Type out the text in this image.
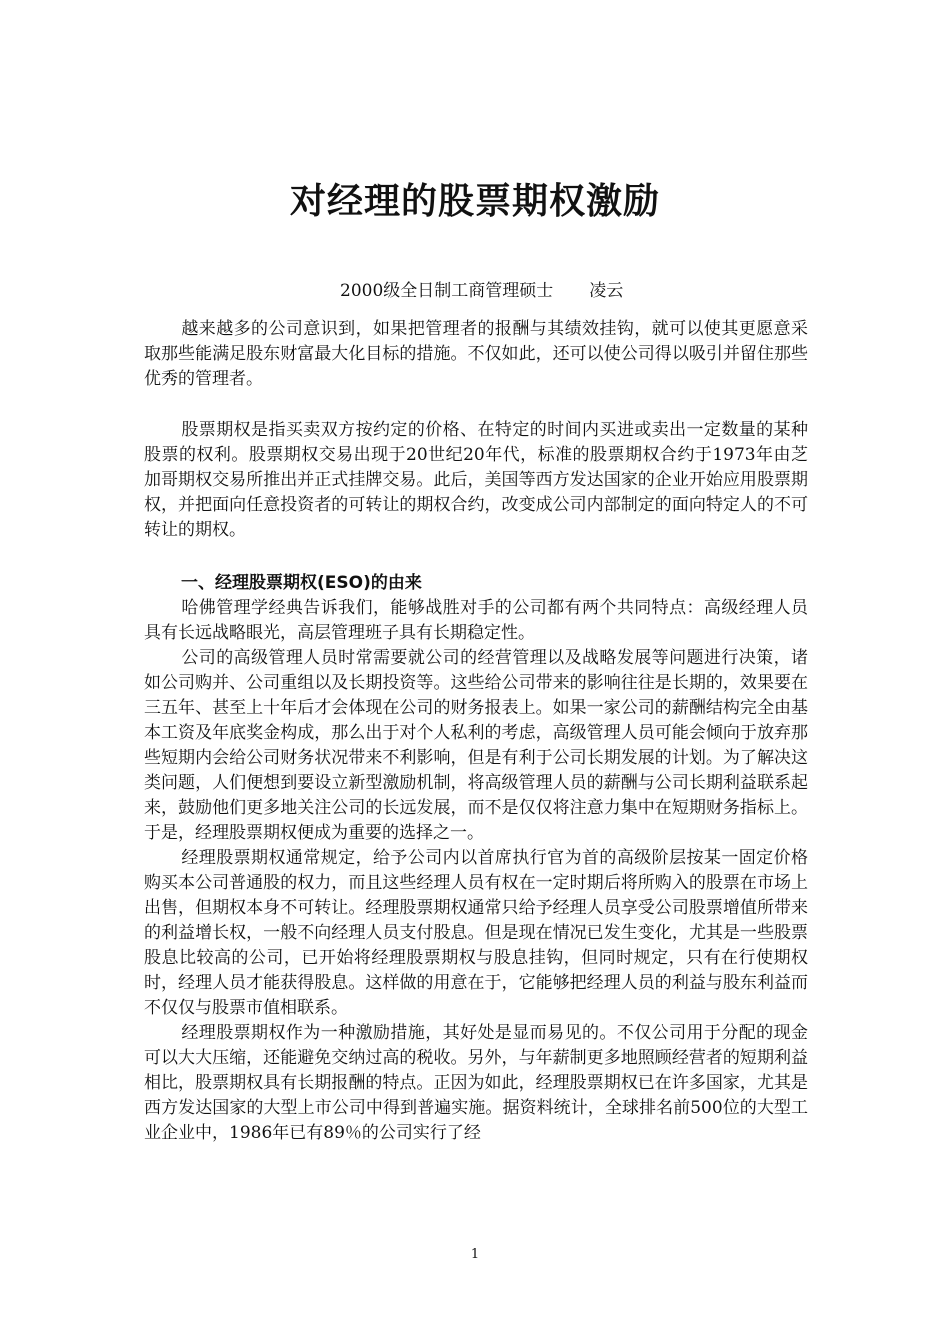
对经理的股票期权激励
2000级全日制工商管理硕士 凌云

越来越多的公司意识到，如果把管理者的报酬与其绩效挂钩，就可以使其更愿意采取那些能满足股东财富最大化目标的措施。不仅如此，还可以使公司得以吸引并留住那些优秀的管理者。

股票期权是指买卖双方按约定的价格、在特定的时间内买进或卖出一定数量的某种股票的权利。股票期权交易出现于20世纪20年代，标准的股票期权合约于1973年由芝加哥期权交易所推出并正式挂牌交易。此后，美国等西方发达国家的企业开始应用股票期权，并把面向任意投资者的可转让的期权合约，改变成公司内部制定的面向特定人的不可转让的期权。

一、经理股票期权(ESO)的由来

哈佛管理学经典告诉我们，能够战胜对手的公司都有两个共同特点：高级经理人员具有长远战略眼光，高层管理班子具有长期稳定性。

公司的高级管理人员时常需要就公司的经营管理以及战略发展等问题进行决策，诸如公司购并、公司重组以及长期投资等。这些给公司带来的影响往往是长期的，效果要在三五年、甚至上十年后才会体现在公司的财务报表上。如果一家公司的薪酬结构完全由基本工资及年底奖金构成，那么出于对个人私利的考虑，高级管理人员可能会倾向于放弃那些短期内会给公司财务状况带来不利影响，但是有利于公司长期发展的计划。为了解决这类问题，人们便想到要设立新型激励机制，将高级管理人员的薪酬与公司长期利益联系起来，鼓励他们更多地关注公司的长远发展，而不是仅仅将注意力集中在短期财务指标上。于是，经理股票期权便成为重要的选择之一。

经理股票期权通常规定，给予公司内以首席执行官为首的高级阶层按某一固定价格购买本公司普通股的权力，而且这些经理人员有权在一定时期后将所购入的股票在市场上出售，但期权本身不可转让。经理股票期权通常只给予经理人员享受公司股票增值所带来的利益增长权，一般不向经理人员支付股息。但是现在情况已发生变化，尤其是一些股票股息比较高的公司，已开始将经理股票期权与股息挂钩，但同时规定，只有在行使期权时，经理人员才能获得股息。这样做的用意在于，它能够把经理人员的利益与股东利益而不仅仅与股票市值相联系。

经理股票期权作为一种激励措施，其好处是显而易见的。不仅公司用于分配的现金可以大大压缩，还能避免交纳过高的税收。另外，与年薪制更多地照顾经营者的短期利益相比，股票期权具有长期报酬的特点。正因为如此，经理股票期权已在许多国家，尤其是西方发达国家的大型上市公司中得到普遍实施。据资料统计，全球排名前500位的大型工业企业中，1986年已有89％的公司实行了经

1
